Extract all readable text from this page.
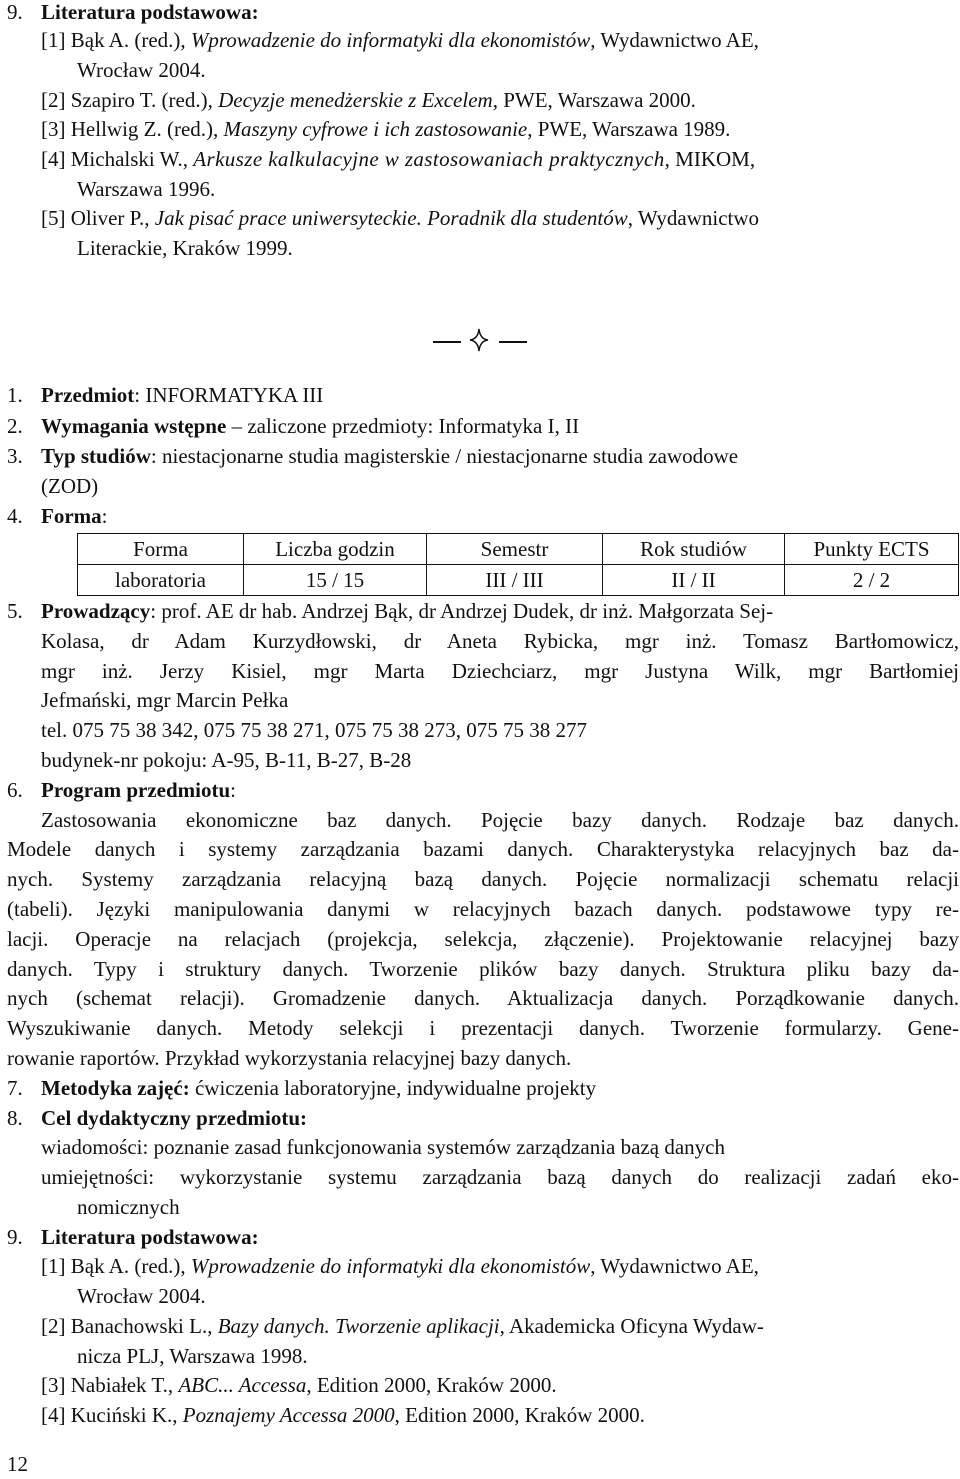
9. Literatura podstawowa:
[1] Bąk A. (red.), Wprowadzenie do informatyki dla ekonomistów, Wydawnictwo AE,
Wrocław 2004.
[2] Szapiro T. (red.), Decyzje menedżerskie z Excelem, PWE, Warszawa 2000.
[3] Hellwig Z. (red.), Maszyny cyfrowe i ich zastosowanie, PWE, Warszawa 1989.
[4] Michalski W., Arkusze kalkulacyjne w zastosowaniach praktycznych, MIKOM,
Warszawa 1996.
[5] Oliver P., Jak pisać prace uniwersyteckie. Poradnik dla studentów, Wydawnictwo
Literackie, Kraków 1999.
1. Przedmiot: INFORMATYKA III
2. Wymagania wstępne – zaliczone przedmioty: Informatyka I, II
3. Typ studiów: niestacjonarne studia magisterskie / niestacjonarne studia zawodowe
(ZOD)
4. Forma:
Forma	Liczba godzin	Semestr	Rok studiów	Punkty ECTS
laboratoria	15 / 15	III / III	II / II	2 / 2
5. Prowadzący: prof. AE dr hab. Andrzej Bąk, dr Andrzej Dudek, dr inż. Małgorzata Sej-
Kolasa, dr Adam Kurzydłowski, dr Aneta Rybicka, mgr inż. Tomasz Bartłomowicz,
mgr inż. Jerzy Kisiel, mgr Marta Dziechciarz, mgr Justyna Wilk, mgr Bartłomiej
Jefmański, mgr Marcin Pełka
tel. 075 75 38 342, 075 75 38 271, 075 75 38 273, 075 75 38 277
budynek-nr pokoju: A-95, B-11, B-27, B-28
6. Program przedmiotu:
Zastosowania ekonomiczne baz danych. Pojęcie bazy danych. Rodzaje baz danych.
Modele danych i systemy zarządzania bazami danych. Charakterystyka relacyjnych baz da-
nych. Systemy zarządzania relacyjną bazą danych. Pojęcie normalizacji schematu relacji
(tabeli). Języki manipulowania danymi w relacyjnych bazach danych. podstawowe typy re-
lacji. Operacje na relacjach (projekcja, selekcja, złączenie). Projektowanie relacyjnej bazy
danych. Typy i struktury danych. Tworzenie plików bazy danych. Struktura pliku bazy da-
nych (schemat relacji). Gromadzenie danych. Aktualizacja danych. Porządkowanie danych.
Wyszukiwanie danych. Metody selekcji i prezentacji danych. Tworzenie formularzy. Gene-
rowanie raportów. Przykład wykorzystania relacyjnej bazy danych.
7. Metodyka zajęć: ćwiczenia laboratoryjne, indywidualne projekty
8. Cel dydaktyczny przedmiotu:
wiadomości: poznanie zasad funkcjonowania systemów zarządzania bazą danych
umiejętności: wykorzystanie systemu zarządzania bazą danych do realizacji zadań eko-
nomicznych
9. Literatura podstawowa:
[1] Bąk A. (red.), Wprowadzenie do informatyki dla ekonomistów, Wydawnictwo AE,
Wrocław 2004.
[2] Banachowski L., Bazy danych. Tworzenie aplikacji, Akademicka Oficyna Wydaw-
nicza PLJ, Warszawa 1998.
[3] Nabiałek T., ABC... Accessa, Edition 2000, Kraków 2000.
[4] Kuciński K., Poznajemy Accessa 2000, Edition 2000, Kraków 2000.
12
